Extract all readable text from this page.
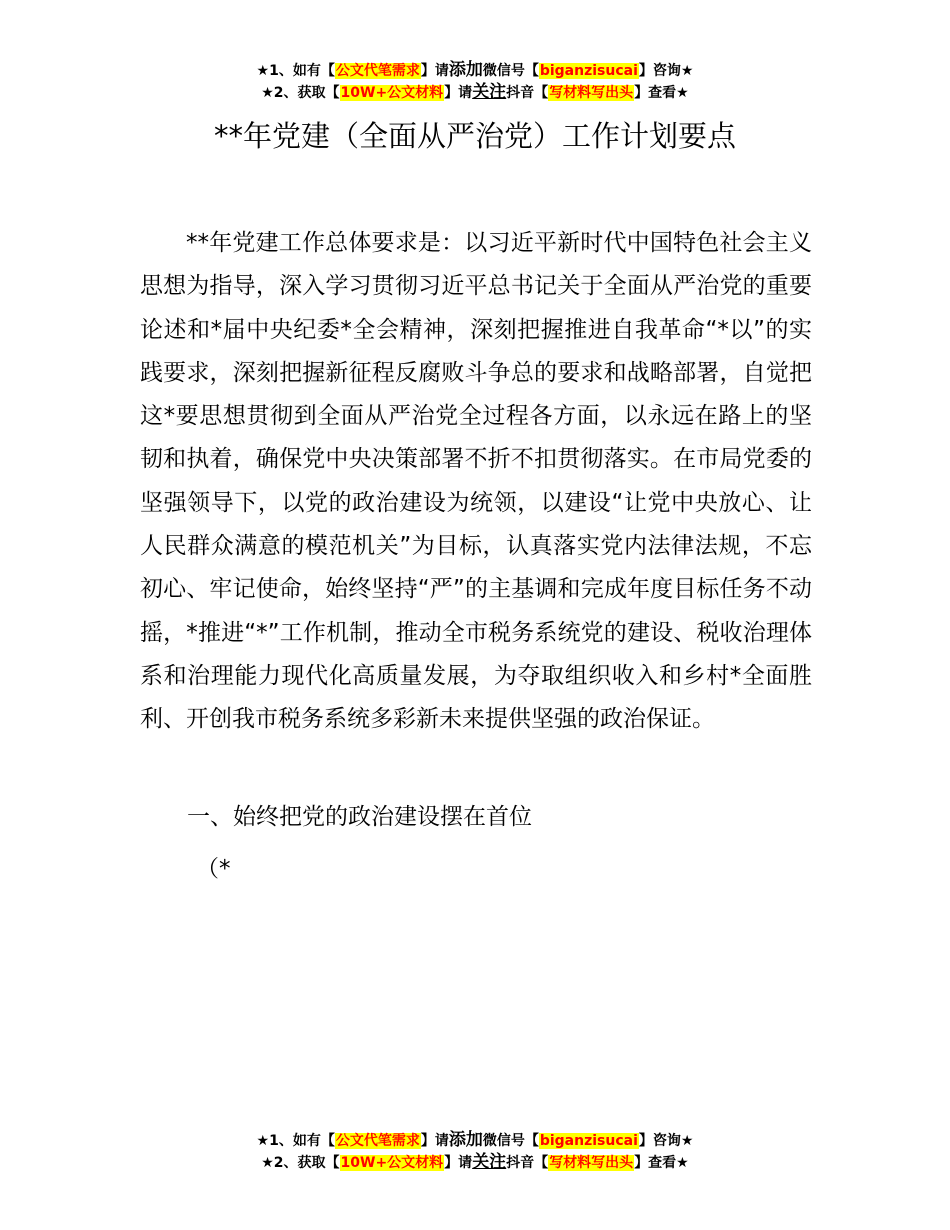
★1、如有【公文代笔需求】请添加微信号【biganzisucai】咨询★
★2、获取【10W+公文材料】请关注抖音【写材料写出头】查看★
**年党建（全面从严治党）工作计划要点

**年党建工作总体要求是：以习近平新时代中国特色社会主义思想为指导，深入学习贯彻习近平总书记关于全面从严治党的重要论述和*届中央纪委*全会精神，深刻把握推进自我革命“*以”的实践要求，深刻把握新征程反腐败斗争总的要求和战略部署，自觉把这*要思想贯彻到全面从严治党全过程各方面，以永远在路上的坚韧和执着，确保党中央决策部署不折不扣贯彻落实。在市局党委的坚强领导下，以党的政治建设为统领，以建设“让党中央放心、让人民群众满意的模范机关”为目标，认真落实党内法律法规，不忘初心、牢记使命，始终坚持“严”的主基调和完成年度目标任务不动摇，*推进“*”工作机制，推动全市税务系统党的建设、税收治理体系和治理能力现代化高质量发展，为夺取组织收入和乡村*全面胜利、开创我市税务系统多彩新未来提供坚强的政治保证。

一、始终把党的政治建设摆在首位

（*

★1、如有【公文代笔需求】请添加微信号【biganzisucai】咨询★
★2、获取【10W+公文材料】请关注抖音【写材料写出头】查看★
